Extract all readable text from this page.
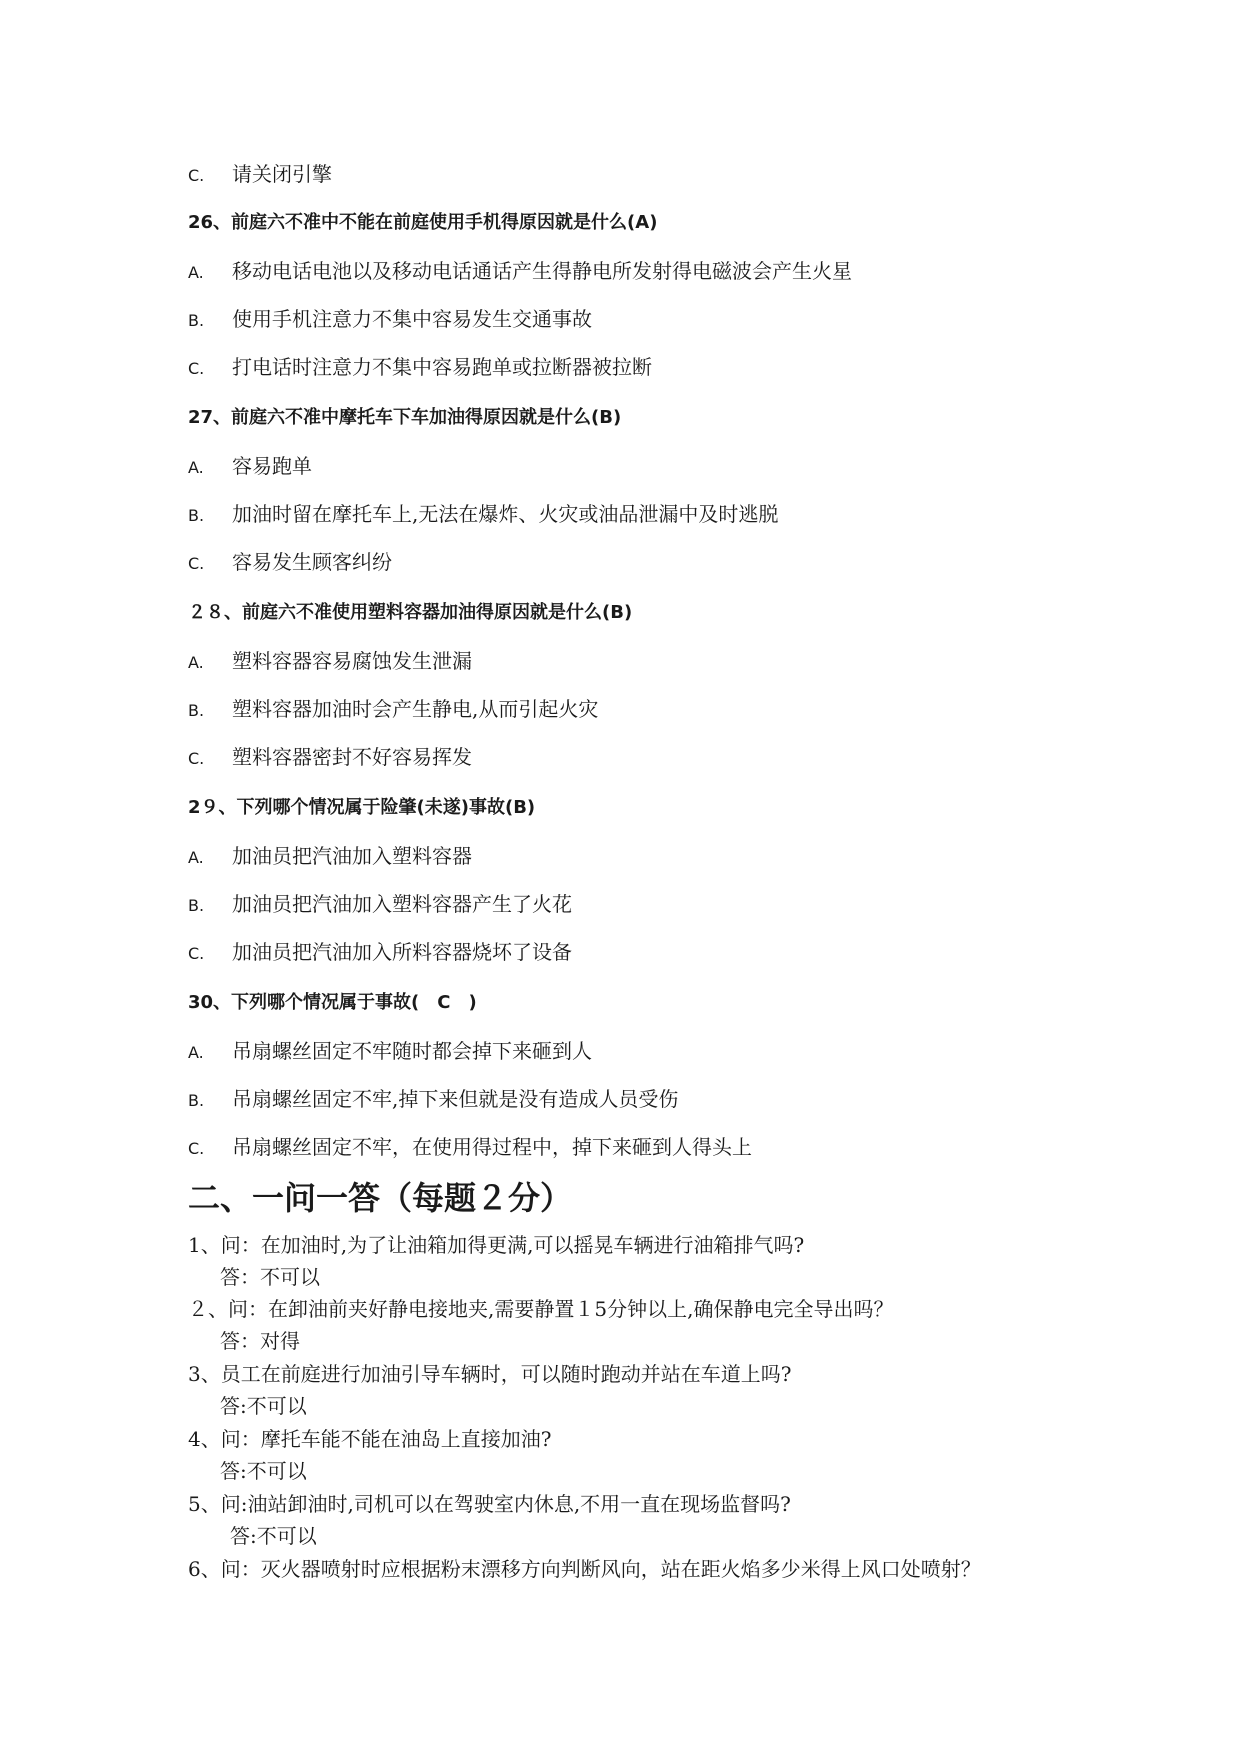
C. 请关闭引擎
26、前庭六不准中不能在前庭使用手机得原因就是什么(A)
A. 移动电话电池以及移动电话通话产生得静电所发射得电磁波会产生火星
B. 使用手机注意力不集中容易发生交通事故
C. 打电话时注意力不集中容易跑单或拉断器被拉断
27、前庭六不准中摩托车下车加油得原因就是什么(B)
A. 容易跑单
B. 加油时留在摩托车上,无法在爆炸、火灾或油品泄漏中及时逃脱
C. 容易发生顾客纠纷
２８、前庭六不准使用塑料容器加油得原因就是什么(B)
A. 塑料容器容易腐蚀发生泄漏
B. 塑料容器加油时会产生静电,从而引起火灾
C. 塑料容器密封不好容易挥发
2９、下列哪个情况属于险肇(未遂)事故(B)
A. 加油员把汽油加入塑料容器
B. 加油员把汽油加入塑料容器产生了火花
C. 加油员把汽油加入所料容器烧坏了设备
30、下列哪个情况属于事故(　C　)
A. 吊扇螺丝固定不牢随时都会掉下来砸到人
B. 吊扇螺丝固定不牢,掉下来但就是没有造成人员受伤
C. 吊扇螺丝固定不牢，在使用得过程中，掉下来砸到人得头上
二、一问一答（每题２分）
1、问：在加油时,为了让油箱加得更满,可以摇晃车辆进行油箱排气吗?
答：不可以
２、问：在卸油前夹好静电接地夹,需要静置１5分钟以上,确保静电完全导出吗？
答：对得
3、员工在前庭进行加油引导车辆时，可以随时跑动并站在车道上吗?
答:不可以
4、问：摩托车能不能在油岛上直接加油?
答:不可以
5、问:油站卸油时,司机可以在驾驶室内休息,不用一直在现场监督吗?
答:不可以
6、问：灭火器喷射时应根据粉末漂移方向判断风向，站在距火焰多少米得上风口处喷射？
